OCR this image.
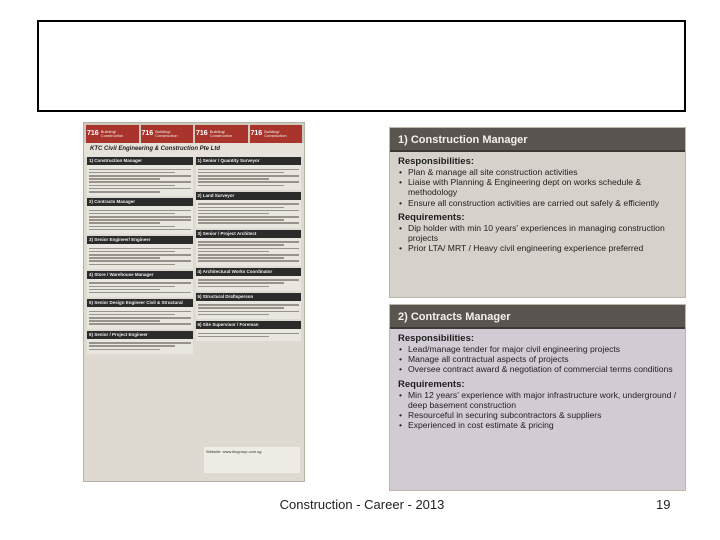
716 Building/ Construction	716 Building/ Construction	716 Building/ Construction	716 Building/ Construction
KTC Civil Engineering & Construction Pte Ltd
1) Construction Manager
2) Contracts Manager
3) Senior Engineer/ Engineer
4) Store / Warehouse Manager
5) Senior Design Engineer Civil & Structural
6) Senior / Project Engineer
1) Senior / Quantity Surveyor
2) Land Surveyor
3) Senior / Project Architect
4) Architectural Works Coordinator
5) Structural Draftsperson
6) Site Supervisor / Foreman
Website: www.ktcgroup.com.sg
1) Construction Manager
Responsibilities:
• Plan & manage all site construction activities
• Liaise with Planning & Engineering dept on works schedule & methodology
• Ensure all construction activities are carried out safely & efficiently
Requirements:
• Dip holder with min 10 years' experiences in managing construction projects
• Prior LTA/ MRT / Heavy civil engineering experience preferred
2) Contracts Manager
Responsibilities:
• Lead/manage tender for major civil engineering projects
• Manage all contractual aspects of projects
• Oversee contract award & negotiation of commercial terms conditions
Requirements:
• Min 12 years' experience with major infrastructure work, underground / deep basement construction
• Resourceful in securing subcontractors & suppliers
• Experienced in cost estimate & pricing
Construction - Career - 2013	19
